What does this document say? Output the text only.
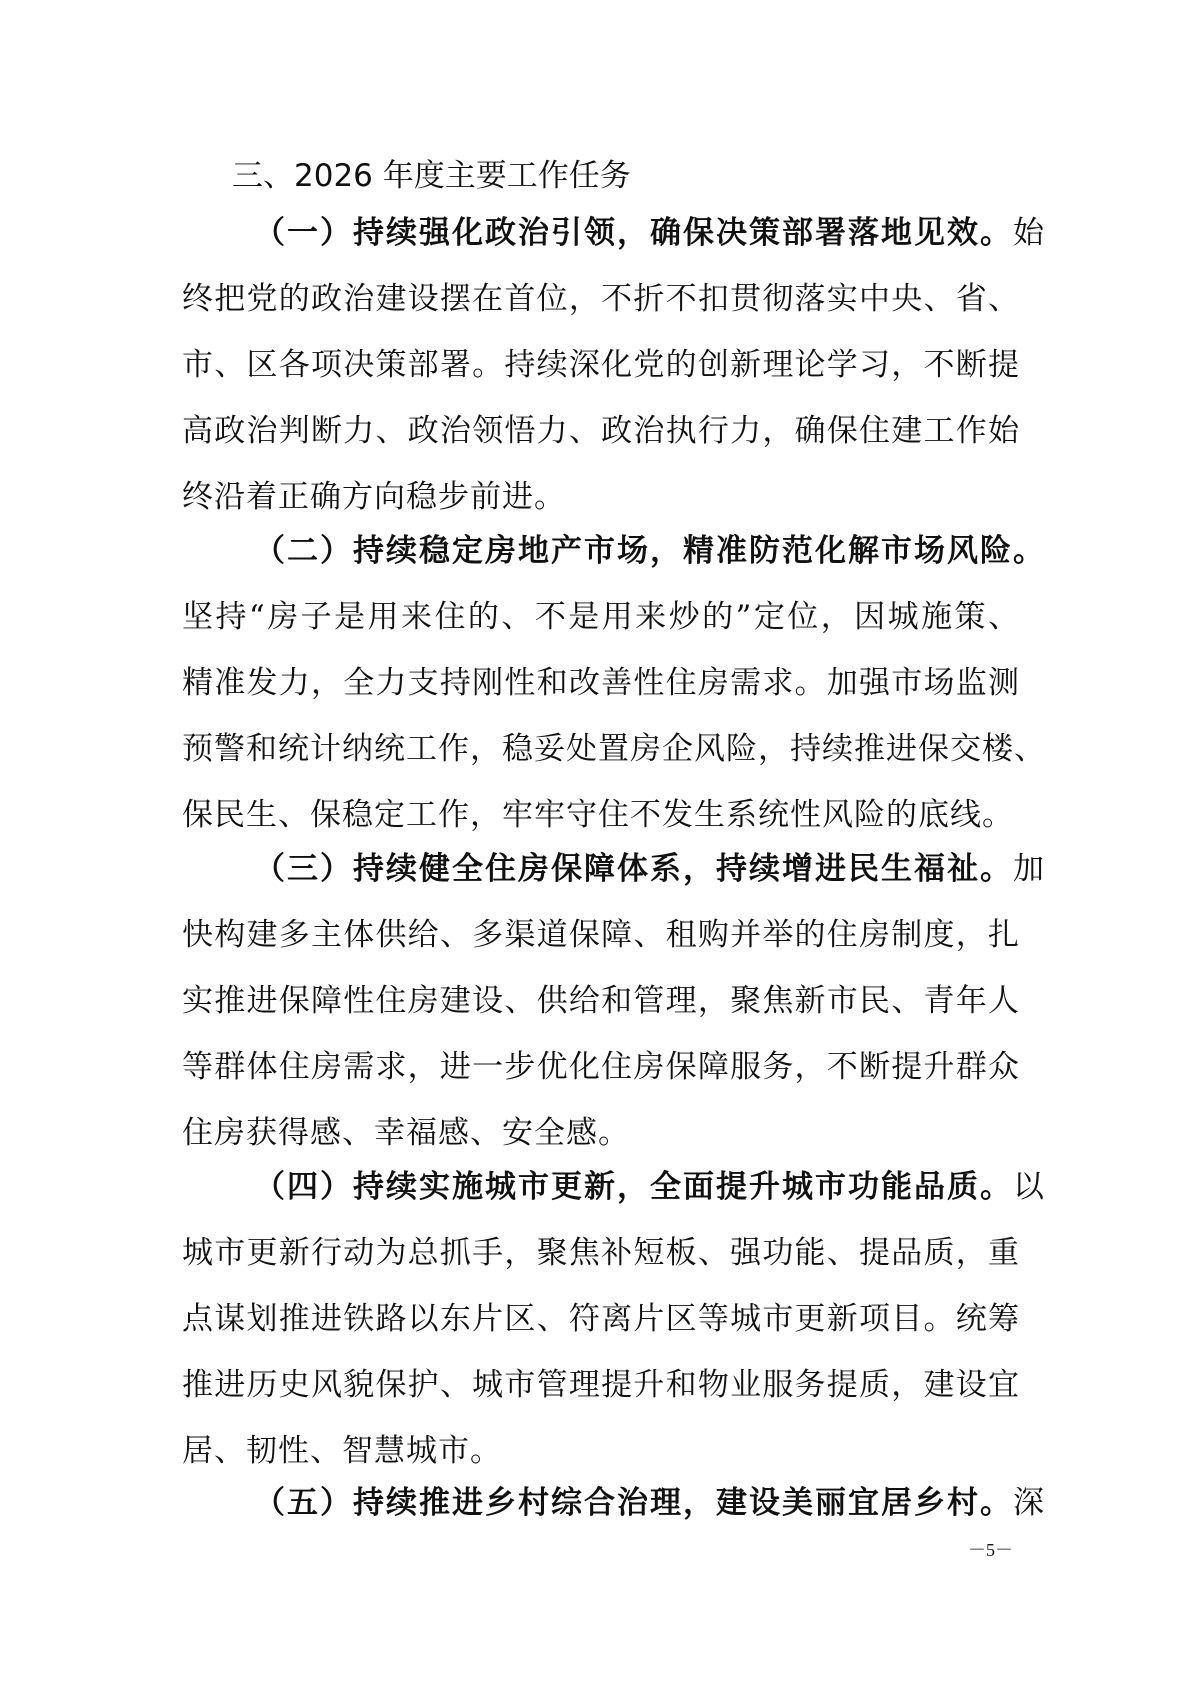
三、2026 年度主要工作任务
（一）持续强化政治引领，确保决策部署落地见效。始
终把党的政治建设摆在首位，不折不扣贯彻落实中央、省、
市、区各项决策部署。持续深化党的创新理论学习，不断提
高政治判断力、政治领悟力、政治执行力，确保住建工作始
终沿着正确方向稳步前进。
（二）持续稳定房地产市场，精准防范化解市场风险。
坚持“房子是用来住的、不是用来炒的”定位，因城施策、
精准发力，全力支持刚性和改善性住房需求。加强市场监测
预警和统计纳统工作，稳妥处置房企风险，持续推进保交楼、
保民生、保稳定工作，牢牢守住不发生系统性风险的底线。
（三）持续健全住房保障体系，持续增进民生福祉。加
快构建多主体供给、多渠道保障、租购并举的住房制度，扎
实推进保障性住房建设、供给和管理，聚焦新市民、青年人
等群体住房需求，进一步优化住房保障服务，不断提升群众
住房获得感、幸福感、安全感。
（四）持续实施城市更新，全面提升城市功能品质。以
城市更新行动为总抓手，聚焦补短板、强功能、提品质，重
点谋划推进铁路以东片区、符离片区等城市更新项目。统筹
推进历史风貌保护、城市管理提升和物业服务提质，建设宜
居、韧性、智慧城市。
（五）持续推进乡村综合治理，建设美丽宜居乡村。深
－5－
